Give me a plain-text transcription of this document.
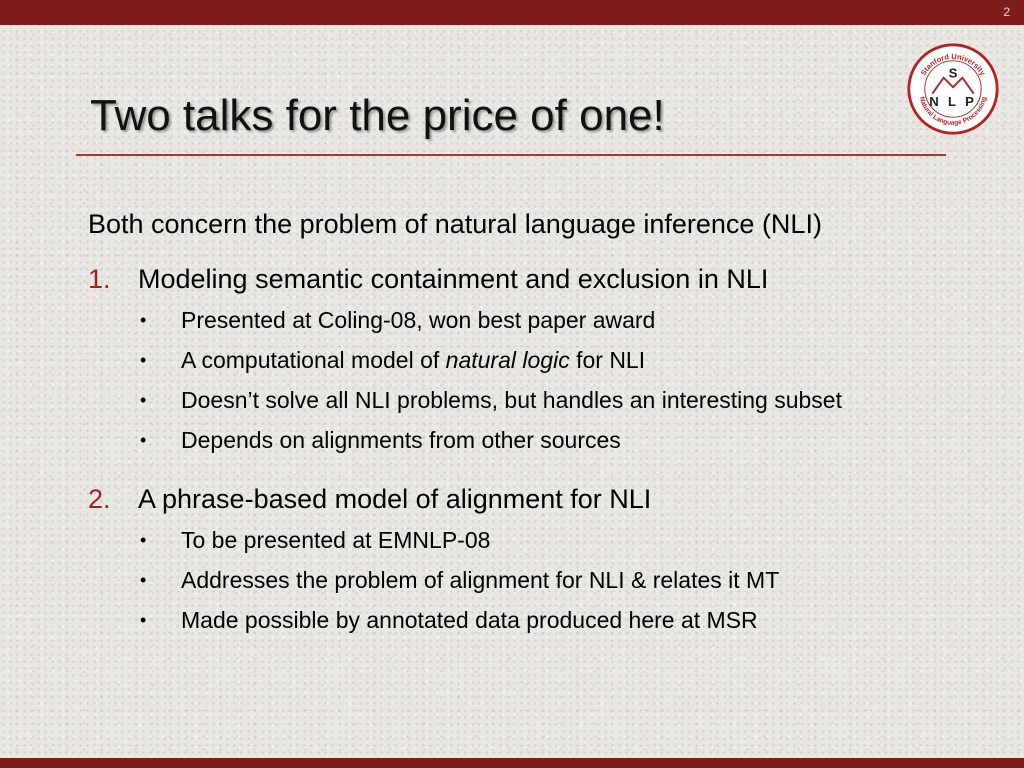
2
Stanford University
Natural Language Processing
S
N L P
Two talks for the price of one!

Both concern the problem of natural language inference (NLI)

1. Modeling semantic containment and exclusion in NLI
• Presented at Coling-08, won best paper award
• A computational model of natural logic for NLI
• Doesn’t solve all NLI problems, but handles an interesting subset
• Depends on alignments from other sources
2. A phrase-based model of alignment for NLI
• To be presented at EMNLP-08
• Addresses the problem of alignment for NLI & relates it MT
• Made possible by annotated data produced here at MSR
